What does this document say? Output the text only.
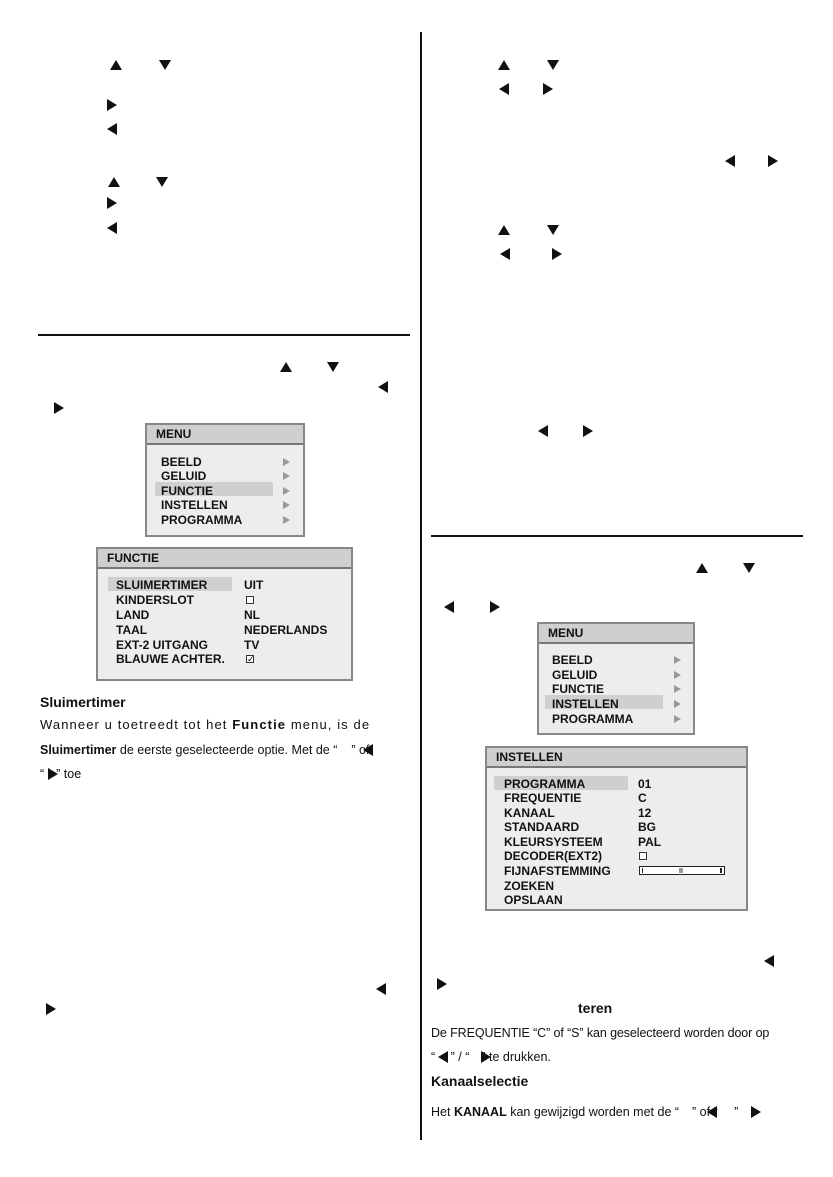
MENU
BEELD
GELUID
FUNCTIE
INSTELLEN
PROGRAMMA
FUNCTIE
SLUIMERTIMER	UIT
KINDERSLOT
LAND	NL
TAAL	NEDERLANDS
EXT-2 UITGANG	TV
BLAUWE ACHTER. ✓
Sluimertimer
Wanneer u toetreedt tot het Functie menu, is de
Sluimertimer de eerste geselecteerde optie. Met de “ ” of
“ ” toe
MENU
BEELD
GELUID
FUNCTIE
INSTELLEN
PROGRAMMA
INSTELLEN
PROGRAMMA	01
FREQUENTIE	C
KANAAL	12
STANDAARD	BG
KLEURSYSTEEM	PAL
DECODER(EXT2)
FIJNAFSTEMMING
ZOEKEN
OPSLAAN
teren
De FREQUENTIE “C” of “S” kan geselecteerd worden door op
“ ” / “ ” te drukken.
Kanaalselectie
Het KANAAL kan gewijzigd worden met de “ ” of “ ”
